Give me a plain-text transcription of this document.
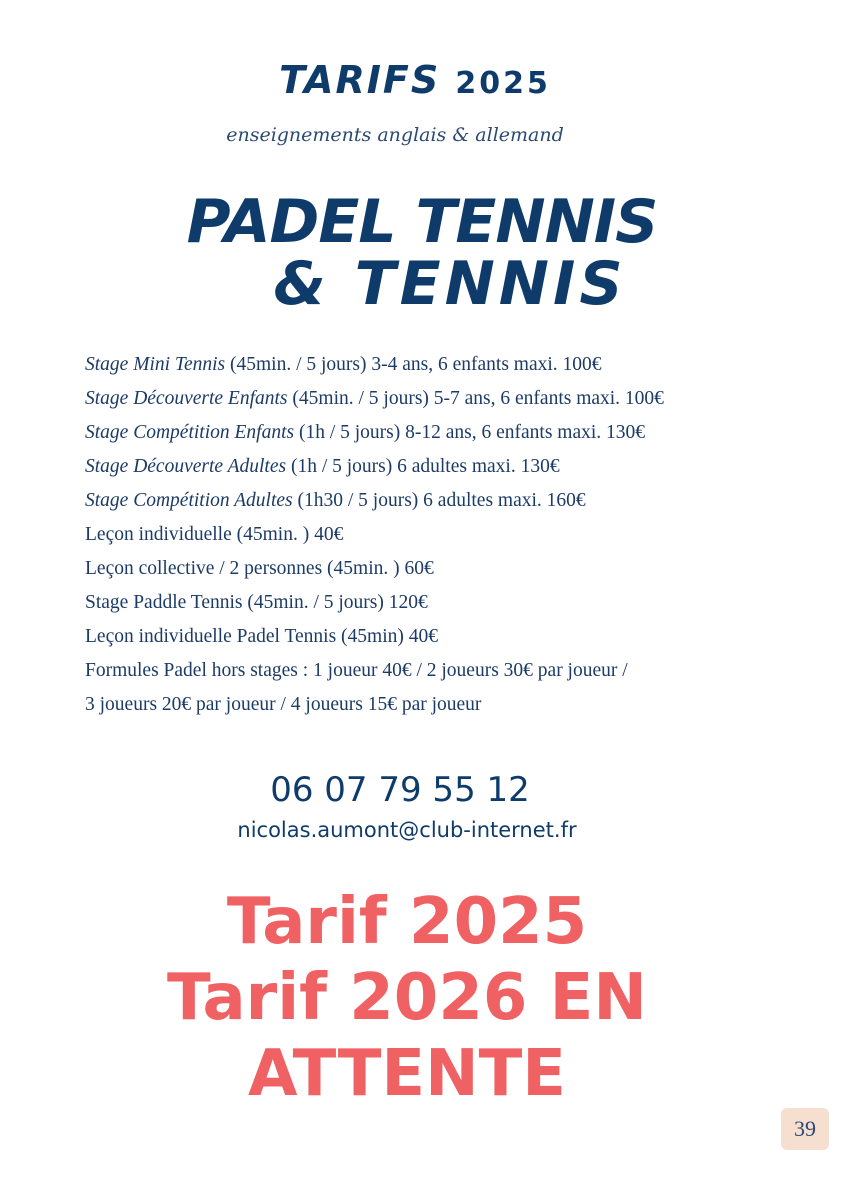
TARIFS 2025
enseignements anglais & allemand
PADEL TENNIS
& TENNIS
Stage Mini Tennis (45min. / 5 jours) 3-4 ans, 6 enfants maxi. 100€
Stage Découverte Enfants (45min. / 5 jours) 5-7 ans, 6 enfants maxi. 100€
Stage Compétition Enfants (1h / 5 jours) 8-12 ans, 6 enfants maxi. 130€
Stage Découverte Adultes (1h / 5 jours) 6 adultes maxi. 130€
Stage Compétition Adultes (1h30 / 5 jours) 6 adultes maxi. 160€
Leçon individuelle (45min. ) 40€
Leçon collective / 2 personnes (45min. ) 60€
Stage Paddle Tennis (45min. / 5 jours) 120€
Leçon individuelle Padel Tennis (45min) 40€
Formules Padel hors stages : 1 joueur 40€ / 2 joueurs 30€ par joueur /
3 joueurs 20€ par joueur / 4 joueurs 15€ par joueur
06 07 79 55 12
nicolas.aumont@club-internet.fr
Tarif 2025
Tarif 2026 EN
ATTENTE
39
